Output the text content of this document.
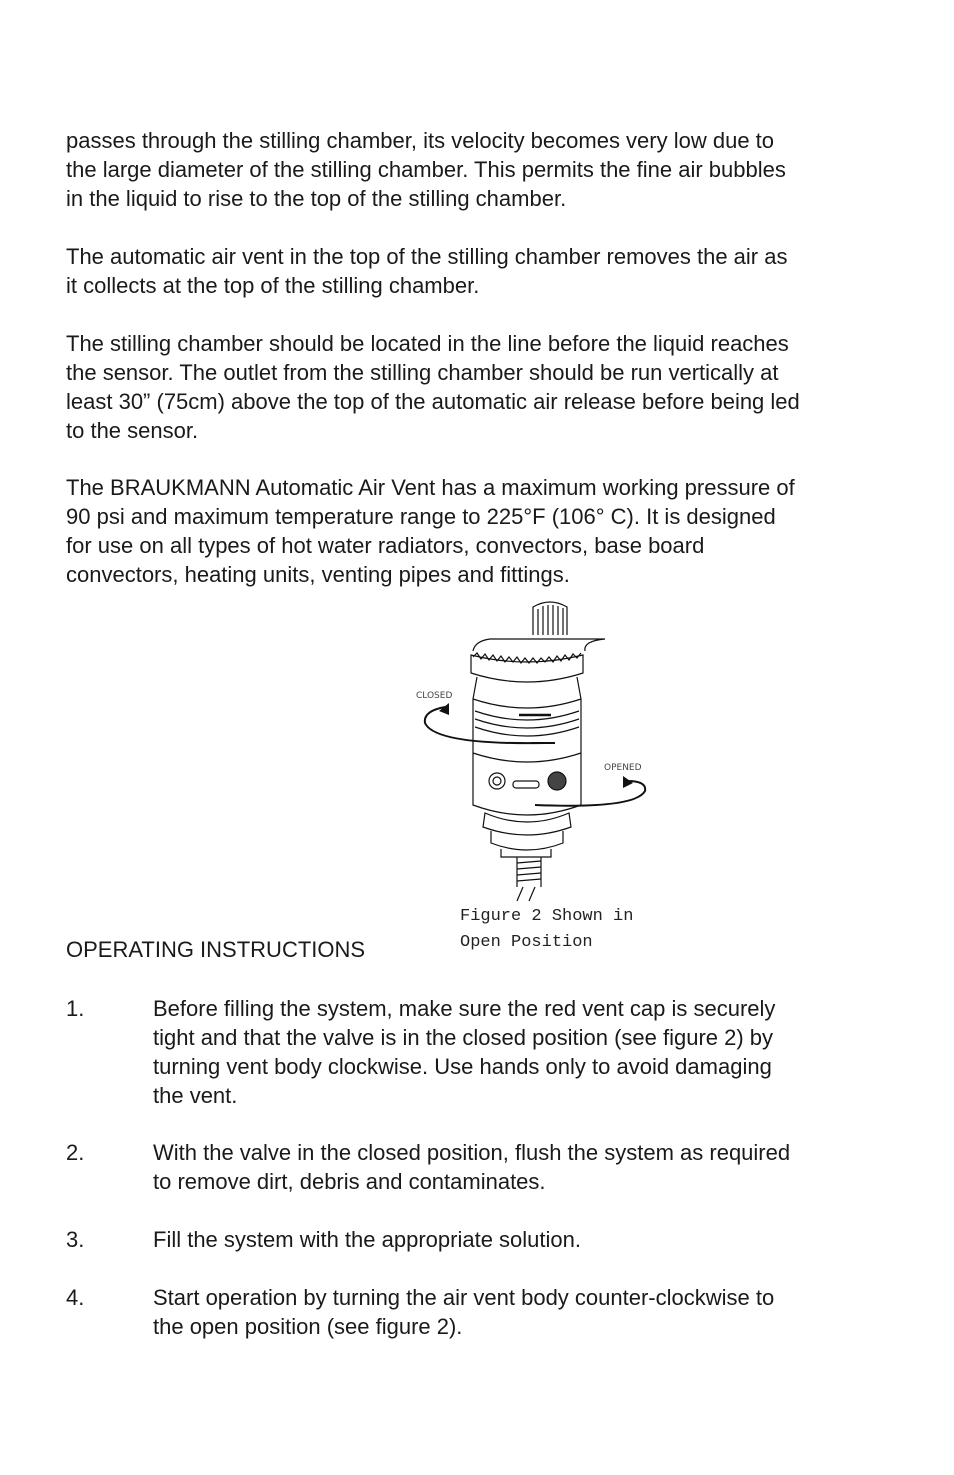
passes through the stilling chamber, its velocity becomes very low due to
the large diameter of the stilling chamber. This permits the fine air bubbles
in the liquid to rise to the top of the stilling chamber.

The automatic air vent in the top of the stilling chamber removes the air as
it collects at the top of the stilling chamber.

The stilling chamber should be located in the line before the liquid reaches
the sensor. The outlet from the stilling chamber should be run vertically at
least 30” (75cm) above the top of the automatic air release before being led
to the sensor.

The BRAUKMANN Automatic Air Vent has a maximum working pressure of
90 psi and maximum temperature range to 225°F (106° C). It is designed
for use on all types of hot water radiators, convectors, base board
convectors, heating units, venting pipes and fittings.

CLOSED
OPENED
Figure 2 Shown in
Open Position

OPERATING INSTRUCTIONS

1.	Before filling the system, make sure the red vent cap is securely
tight and that the valve is in the closed position (see figure 2) by
turning vent body clockwise. Use hands only to avoid damaging
the vent.
2.	With the valve in the closed position, flush the system as required
to remove dirt, debris and contaminates.
3.	Fill the system with the appropriate solution.
4.	Start operation by turning the air vent body counter-clockwise to
the open position (see figure 2).
